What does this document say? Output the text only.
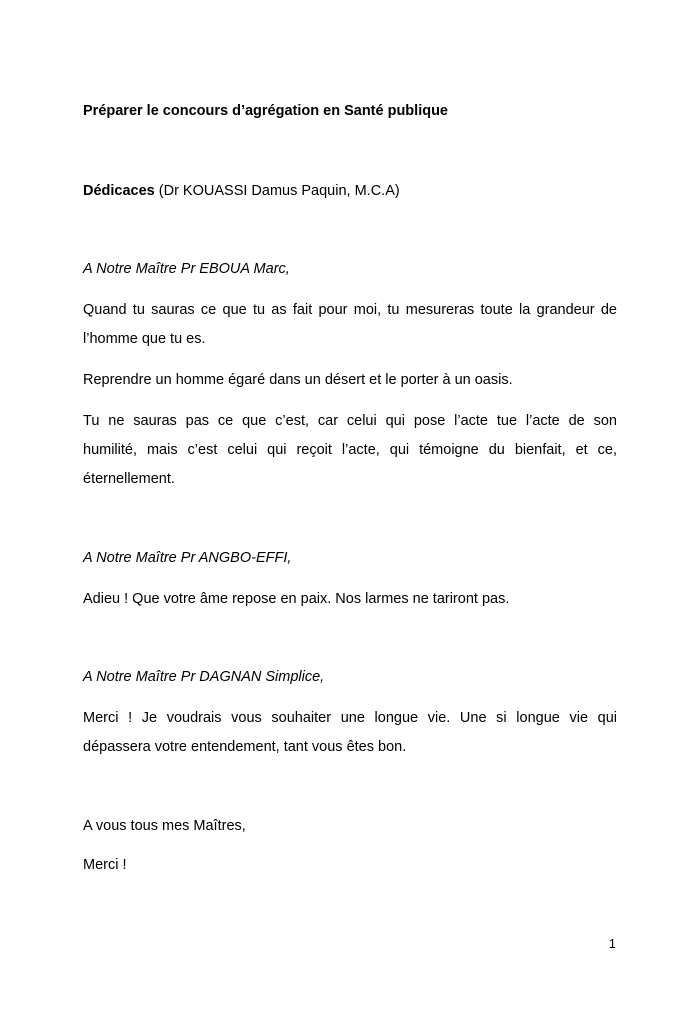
Préparer le concours d’agrégation en Santé publique

Dédicaces (Dr KOUASSI Damus Paquin, M.C.A)

A Notre Maître Pr EBOUA Marc,

Quand tu sauras ce que tu as fait pour moi, tu mesureras toute la grandeur de

l’homme que tu es.

Reprendre un homme égaré dans un désert et le porter à un oasis.

Tu ne sauras pas ce que c’est, car celui qui pose l’acte tue l’acte de son

humilité, mais c’est celui qui reçoit l’acte, qui témoigne du bienfait, et ce,

éternellement.

A Notre Maître Pr ANGBO-EFFI,

Adieu ! Que votre âme repose en paix. Nos larmes ne tariront pas.

A Notre Maître Pr DAGNAN Simplice,

Merci ! Je voudrais vous souhaiter une longue vie. Une si longue vie qui

dépassera votre entendement, tant vous êtes bon.

A vous tous mes Maîtres,

Merci !

1
